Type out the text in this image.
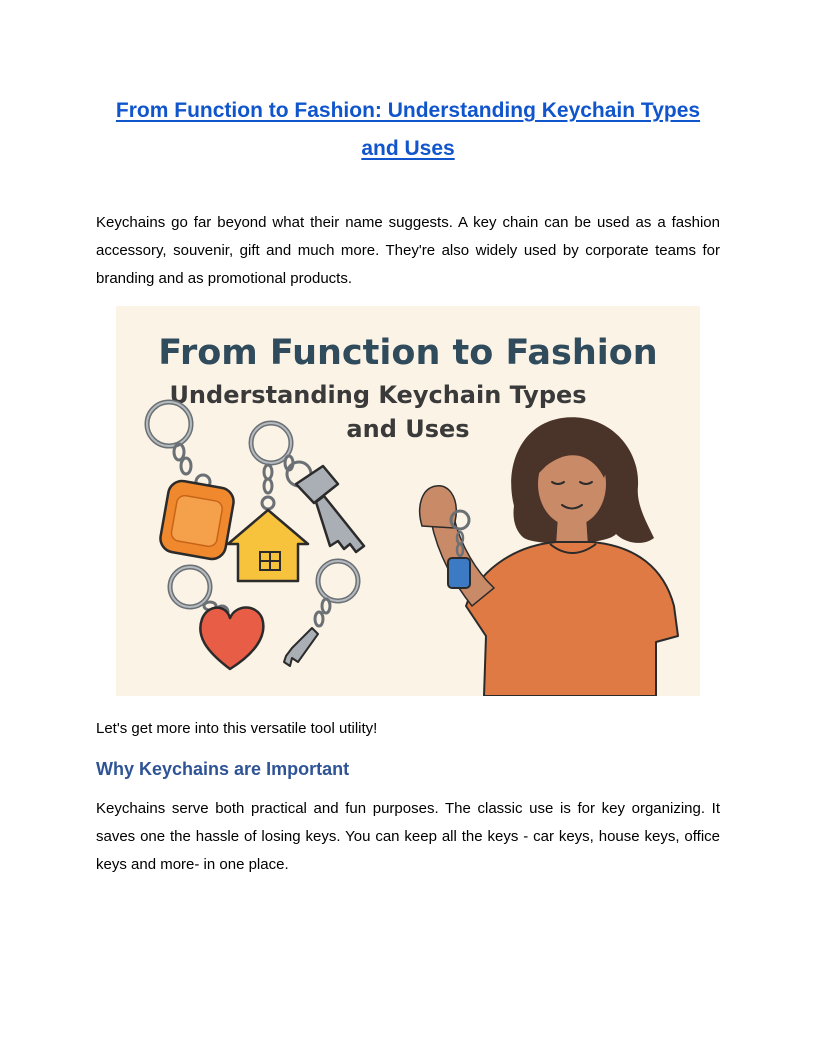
From Function to Fashion: Understanding Keychain Types and Uses

Keychains go far beyond what their name suggests. A key chain can be used as a fashion accessory, souvenir, gift and much more. They're also widely used by corporate teams for branding and as promotional products.

From Function to Fashion
Understanding Keychain Types
and Uses

Let's get more into this versatile tool utility!

Why Keychains are Important

Keychains serve both practical and fun purposes. The classic use is for key organizing. It saves one the hassle of losing keys. You can keep all the keys - car keys, house keys, office keys and more- in one place.
